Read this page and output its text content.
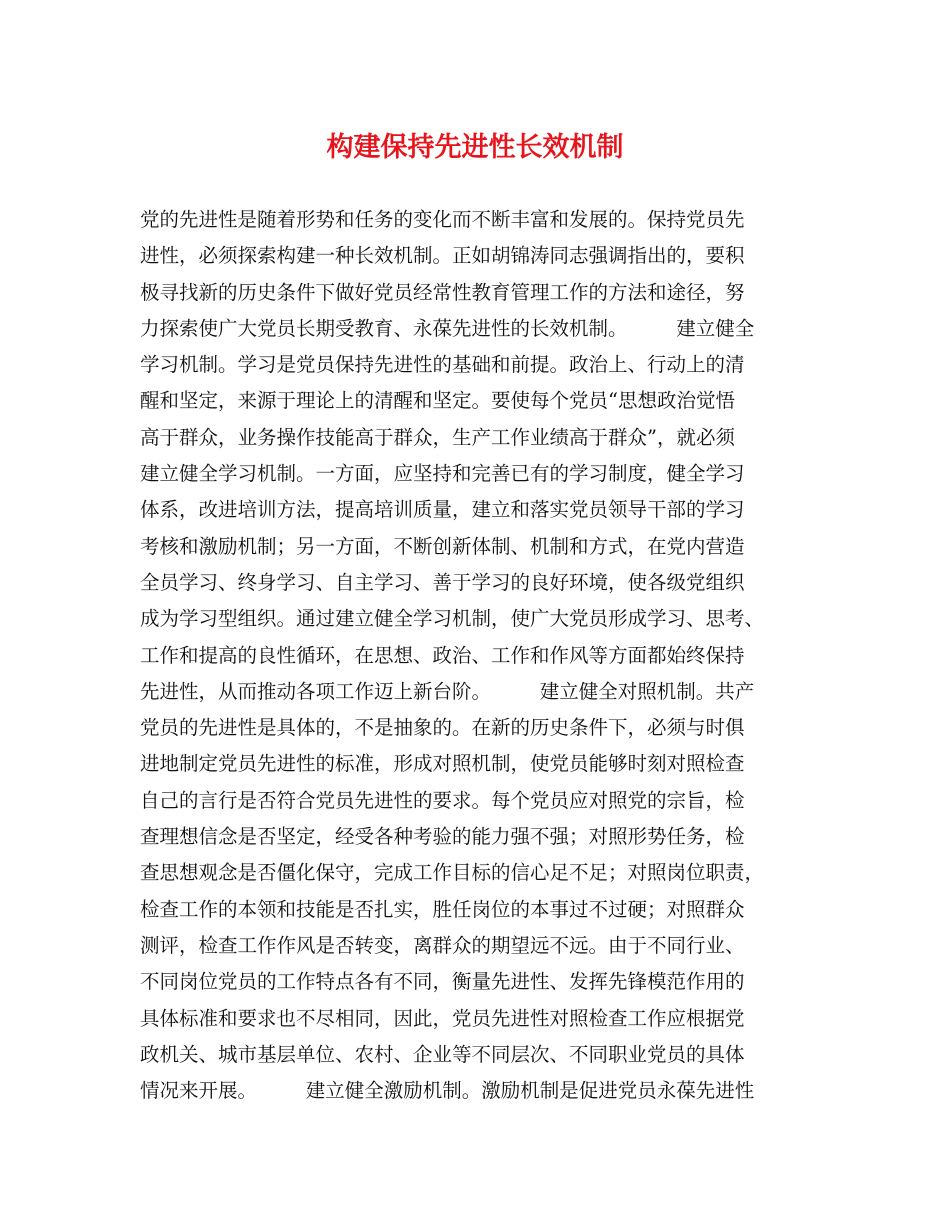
构建保持先进性长效机制
党的先进性是随着形势和任务的变化而不断丰富和发展的。保持党员先
进性，必须探索构建一种长效机制。正如胡锦涛同志强调指出的，要积
极寻找新的历史条件下做好党员经常性教育管理工作的方法和途径，努
力探索使广大党员长期受教育、永葆先进性的长效机制。　　　建立健全
学习机制。学习是党员保持先进性的基础和前提。政治上、行动上的清
醒和坚定，来源于理论上的清醒和坚定。要使每个党员“思想政治觉悟
高于群众，业务操作技能高于群众，生产工作业绩高于群众”，就必须
建立健全学习机制。一方面，应坚持和完善已有的学习制度，健全学习
体系，改进培训方法，提高培训质量，建立和落实党员领导干部的学习
考核和激励机制；另一方面，不断创新体制、机制和方式，在党内营造
全员学习、终身学习、自主学习、善于学习的良好环境，使各级党组织
成为学习型组织。通过建立健全学习机制，使广大党员形成学习、思考、
工作和提高的良性循环，在思想、政治、工作和作风等方面都始终保持
先进性，从而推动各项工作迈上新台阶。　　　建立健全对照机制。共产
党员的先进性是具体的，不是抽象的。在新的历史条件下，必须与时俱
进地制定党员先进性的标准，形成对照机制，使党员能够时刻对照检查
自己的言行是否符合党员先进性的要求。每个党员应对照党的宗旨，检
查理想信念是否坚定，经受各种考验的能力强不强；对照形势任务，检
查思想观念是否僵化保守，完成工作目标的信心足不足；对照岗位职责，
检查工作的本领和技能是否扎实，胜任岗位的本事过不过硬；对照群众
测评，检查工作作风是否转变，离群众的期望远不远。由于不同行业、
不同岗位党员的工作特点各有不同，衡量先进性、发挥先锋模范作用的
具体标准和要求也不尽相同，因此，党员先进性对照检查工作应根据党
政机关、城市基层单位、农村、企业等不同层次、不同职业党员的具体
情况来开展。　　　建立健全激励机制。激励机制是促进党员永葆先进性
